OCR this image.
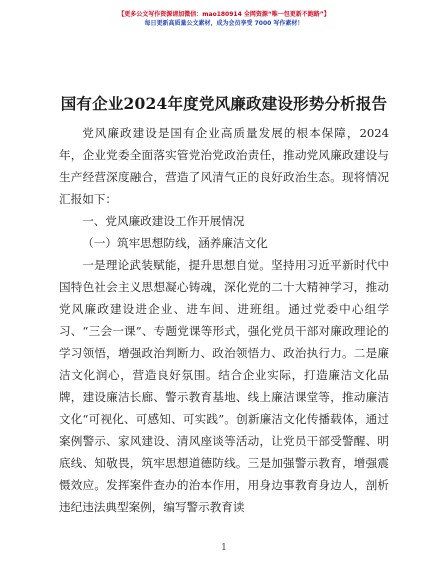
【更多公文写作资源请加微信：mao180914 全网资源“唯一包更新不跑路”】
每日更新高质量公文素材，成为会员享受 7000 写作素材！
国有企业2024年度党风廉政建设形势分析报告

党风廉政建设是国有企业高质量发展的根本保障，2024年，企业党委全面落实管党治党政治责任，推动党风廉政建设与生产经营深度融合，营造了风清气正的良好政治生态。现将情况汇报如下：

一、党风廉政建设工作开展情况

（一）筑牢思想防线，涵养廉洁文化

一是理论武装赋能，提升思想自觉。坚持用习近平新时代中国特色社会主义思想凝心铸魂，深化党的二十大精神学习，推动党风廉政建设进企业、进车间、进班组。通过党委中心组学习、“三会一课”、专题党课等形式，强化党员干部对廉政理论的学习领悟，增强政治判断力、政治领悟力、政治执行力。二是廉洁文化润心，营造良好氛围。结合企业实际，打造廉洁文化品牌，建设廉洁长廊、警示教育基地、线上廉洁课堂等，推动廉洁文化“可视化、可感知、可实践”。创新廉洁文化传播载体，通过案例警示、家风建设、清风座谈等活动，让党员干部受警醒、明底线、知敬畏，筑牢思想道德防线。三是加强警示教育，增强震慑效应。发挥案件查办的治本作用，用身边事教育身边人，剖析违纪违法典型案例，编写警示教育读

1
